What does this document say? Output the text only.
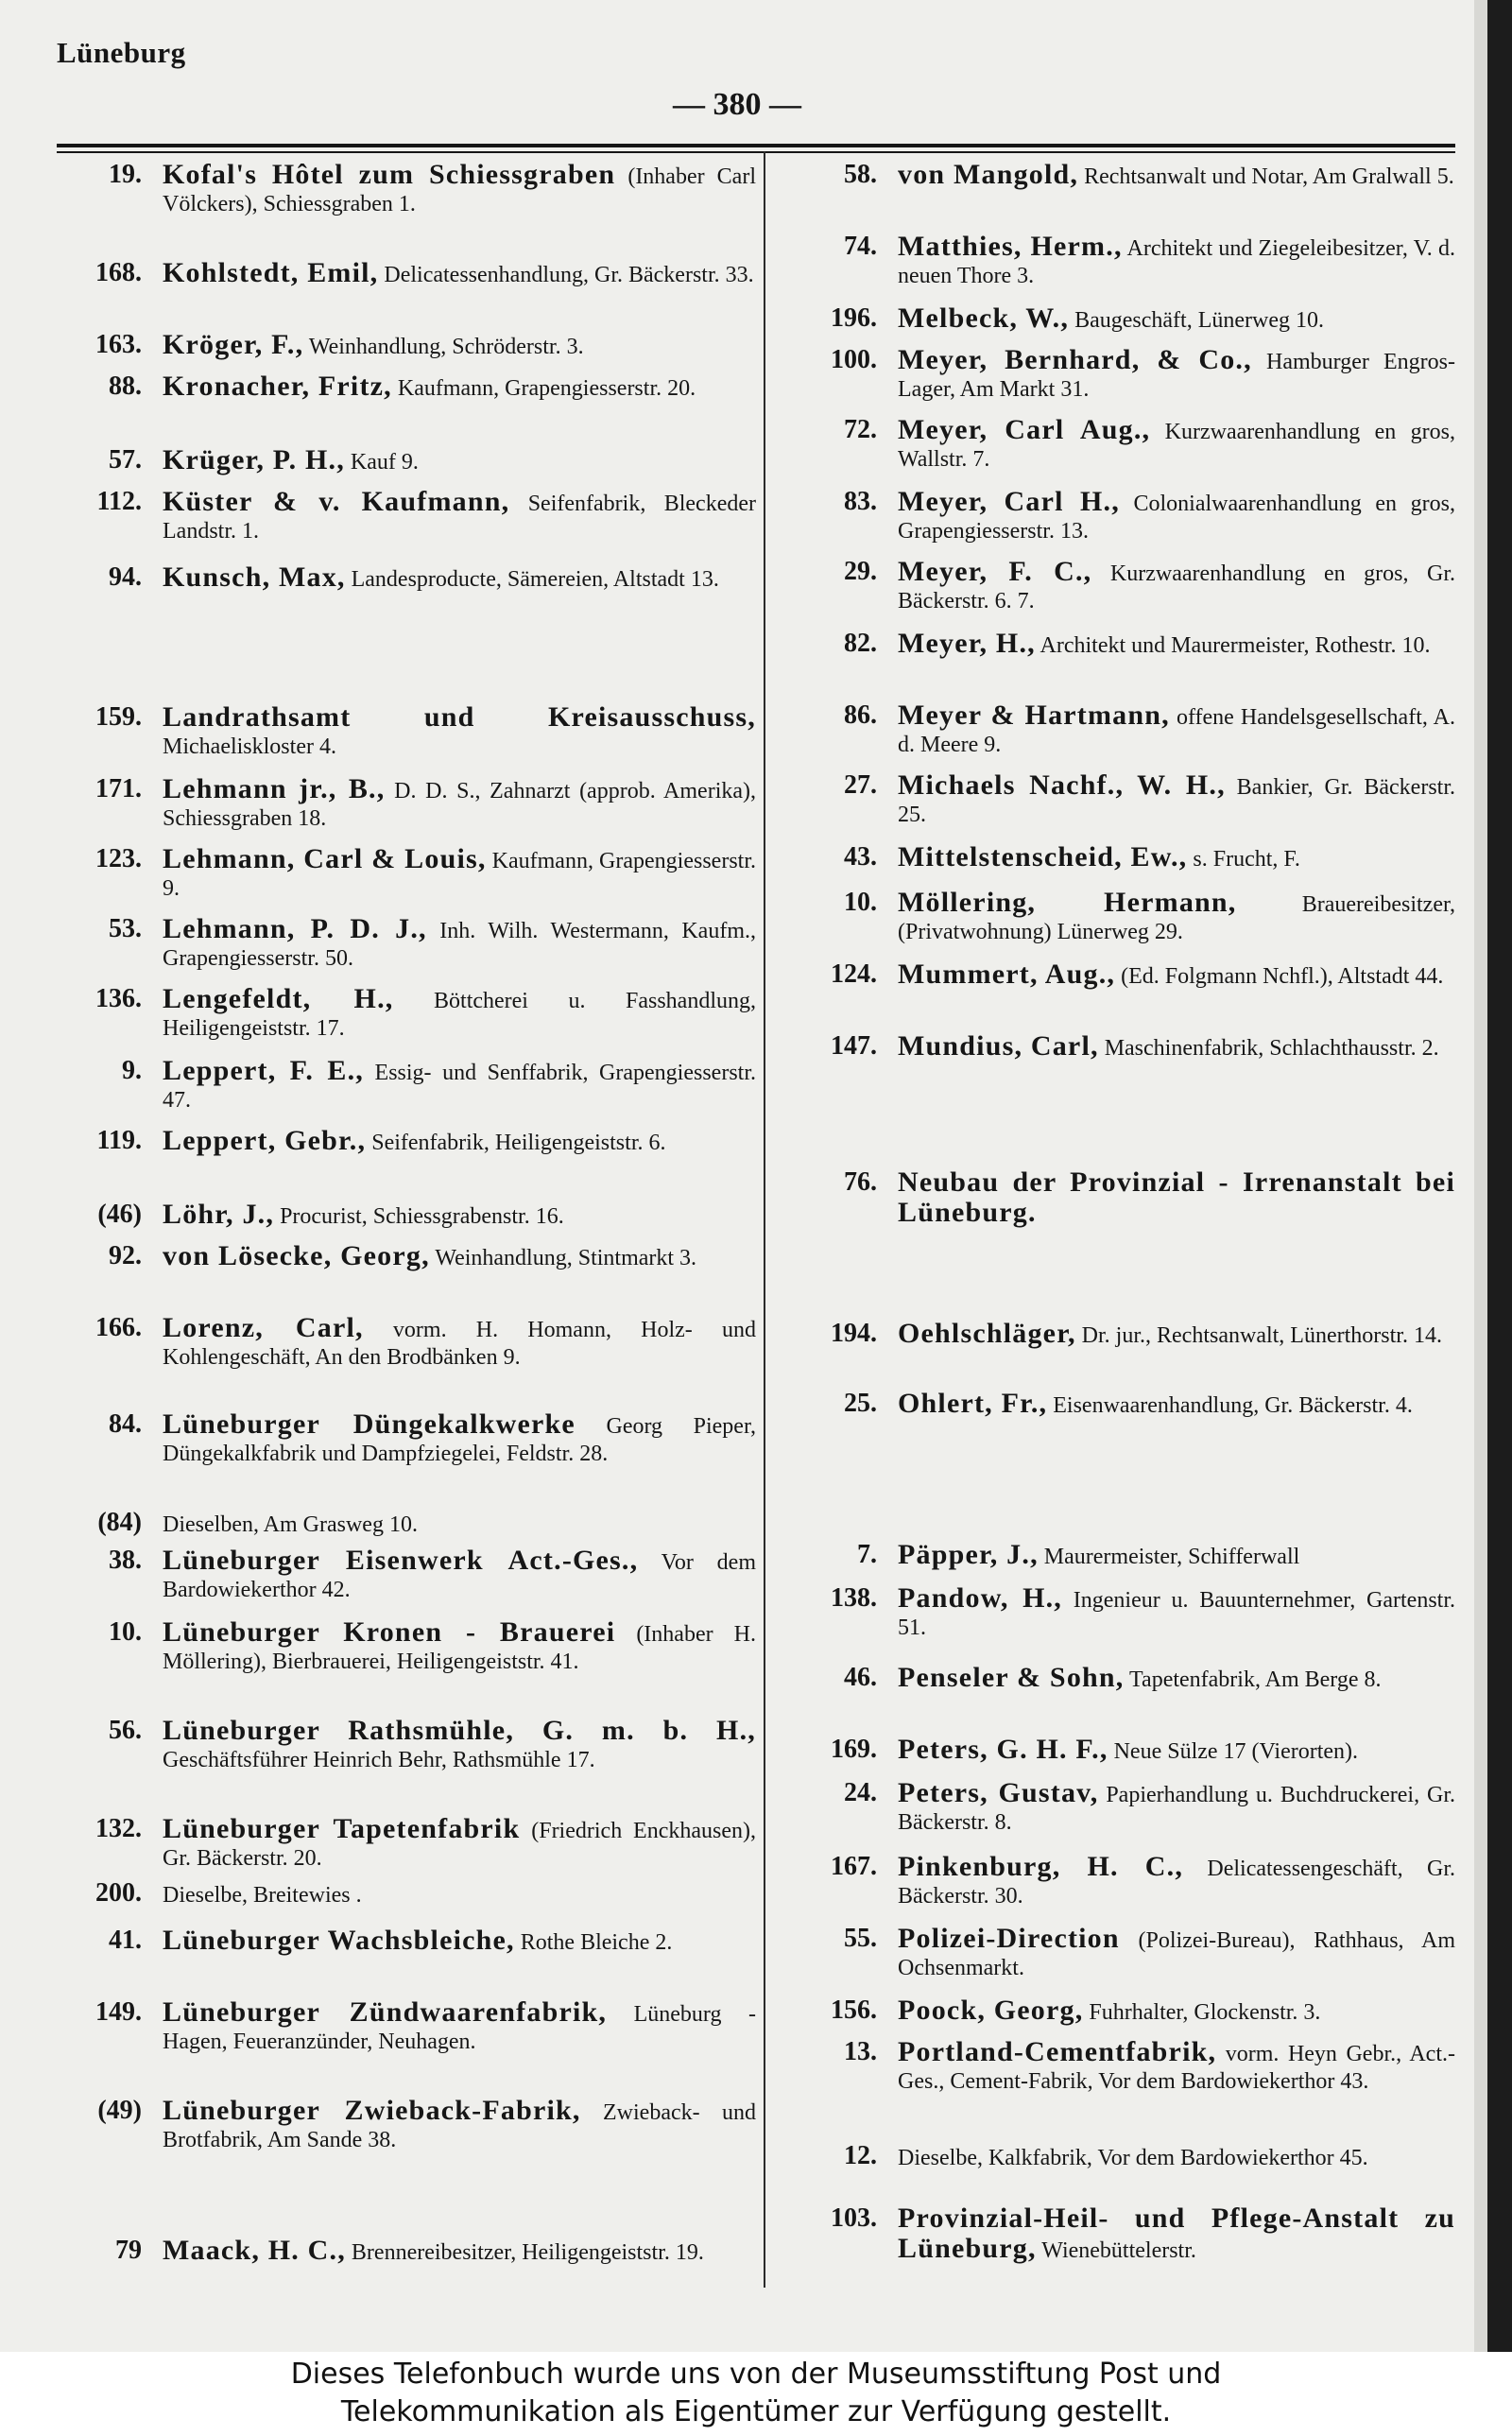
Lüneburg
— 380 —
19. Kofal's Hôtel zum Schiessgraben (Inhaber Carl Völckers), Schiessgraben 1.
168. Kohlstedt, Emil, Delicatessenhandlung, Gr. Bäckerstr. 33.
163. Kröger, F., Weinhandlung, Schröderstr. 3.
88. Kronacher, Fritz, Kaufmann, Grapengiesserstr. 20.
57. Krüger, P. H., Kauf 9.
112. Küster & v. Kaufmann, Seifenfabrik, Bleckeder Landstr. 1.
94. Kunsch, Max, Landesproducte, Sämereien, Altstadt 13.
159. Landrathsamt und Kreisausschuss, Michaeliskloster 4.
171. Lehmann jr., B., D. D. S., Zahnarzt (approb. Amerika), Schiessgraben 18.
123. Lehmann, Carl & Louis, Kaufmann, Grapengiesserstr. 9.
53. Lehmann, P. D. J., Inh. Wilh. Westermann, Kaufm., Grapengiesserstr. 50.
136. Lengefeldt, H., Böttcherei u. Fasshandlung, Heiligengeiststr. 17.
9. Leppert, F. E., Essig- und Senffabrik, Grapengiesserstr. 47.
119. Leppert, Gebr., Seifenfabrik, Heiligengeiststr. 6.
(46) Löhr, J., Procurist, Schiessgrabenstr. 16.
92. von Lösecke, Georg, Weinhandlung, Stintmarkt 3.
166. Lorenz, Carl, vorm. H. Homann, Holz- und Kohlengeschäft, An den Brodbänken 9.
84. Lüneburger Düngekalkwerke Georg Pieper, Düngekalkfabrik und Dampfziegelei, Feldstr. 28.
(84) Dieselben, Am Grasweg 10.
38. Lüneburger Eisenwerk Act.-Ges., Vor dem Bardowiekerthor 42.
10. Lüneburger Kronen - Brauerei (Inhaber H. Möllering), Bierbrauerei, Heiligengeiststr. 41.
56. Lüneburger Rathsmühle, G. m. b. H., Geschäftsführer Heinrich Behr, Rathsmühle 17.
132. Lüneburger Tapetenfabrik (Friedrich Enckhausen), Gr. Bäckerstr. 20.
200. Dieselbe, Breitewies .
41. Lüneburger Wachsbleiche, Rothe Bleiche 2.
149. Lüneburger Zündwaarenfabrik, Lüneburg - Hagen, Feueranzünder, Neuhagen.
(49) Lüneburger Zwieback-Fabrik, Zwieback- und Brotfabrik, Am Sande 38.
79 Maack, H. C., Brennereibesitzer, Heiligengeiststr. 19.
58. von Mangold, Rechtsanwalt und Notar, Am Gralwall 5.
74. Matthies, Herm., Architekt und Ziegeleibesitzer, V. d. neuen Thore 3.
196. Melbeck, W., Baugeschäft, Lünerweg 10.
100. Meyer, Bernhard, & Co., Hamburger Engros-Lager, Am Markt 31.
72. Meyer, Carl Aug., Kurzwaarenhandlung en gros, Wallstr. 7.
83. Meyer, Carl H., Colonialwaarenhandlung en gros, Grapengiesserstr. 13.
29. Meyer, F. C., Kurzwaarenhandlung en gros, Gr. Bäckerstr. 6. 7.
82. Meyer, H., Architekt und Maurermeister, Rothestr. 10.
86. Meyer & Hartmann, offene Handelsgesellschaft, A. d. Meere 9.
27. Michaels Nachf., W. H., Bankier, Gr. Bäckerstr. 25.
43. Mittelstenscheid, Ew., s. Frucht, F.
10. Möllering, Hermann, Brauereibesitzer, (Privatwohnung) Lünerweg 29.
124. Mummert, Aug., (Ed. Folgmann Nchfl.), Altstadt 44.
147. Mundius, Carl, Maschinenfabrik, Schlachthausstr. 2.
76. Neubau der Provinzial - Irrenanstalt bei Lüneburg.
194. Oehlschläger, Dr. jur., Rechtsanwalt, Lünerthorstr. 14.
25. Ohlert, Fr., Eisenwaarenhandlung, Gr. Bäckerstr. 4.
7. Päpper, J., Maurermeister, Schifferwall
138. Pandow, H., Ingenieur u. Bauunternehmer, Gartenstr. 51.
46. Penseler & Sohn, Tapetenfabrik, Am Berge 8.
169. Peters, G. H. F., Neue Sülze 17 (Vierorten).
24. Peters, Gustav, Papierhandlung u. Buchdruckerei, Gr. Bäckerstr. 8.
167. Pinkenburg, H. C., Delicatessengeschäft, Gr. Bäckerstr. 30.
55. Polizei-Direction (Polizei-Bureau), Rathhaus, Am Ochsenmarkt.
156. Poock, Georg, Fuhrhalter, Glockenstr. 3.
13. Portland-Cementfabrik, vorm. Heyn Gebr., Act.-Ges., Cement-Fabrik, Vor dem Bardowiekerthor 43.
12. Dieselbe, Kalkfabrik, Vor dem Bardowiekerthor 45.
103. Provinzial-Heil- und Pflege-Anstalt zu Lüneburg, Wienebüttelerstr.
Dieses Telefonbuch wurde uns von der Museumsstiftung Post und
Telekommunikation als Eigentümer zur Verfügung gestellt.
